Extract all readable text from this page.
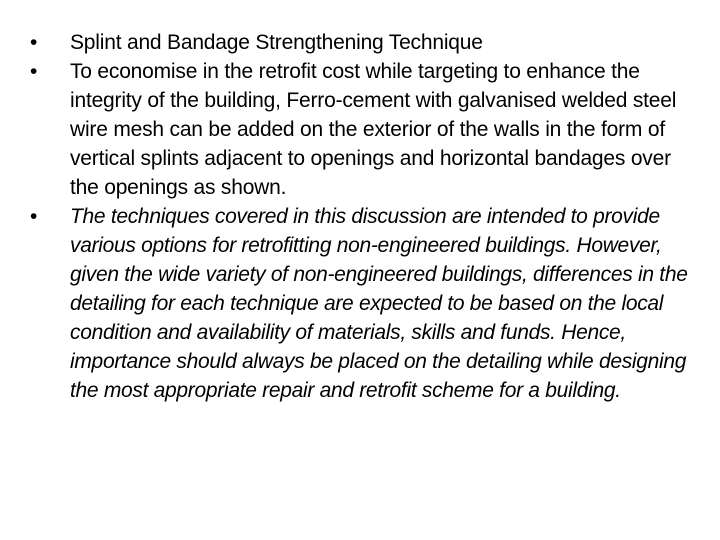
•	Splint and Bandage Strengthening Technique
•	To economise in the retrofit cost while targeting to enhance the integrity of the building, Ferro-cement with galvanised welded steel wire mesh can be added on the exterior of the walls in the form of vertical splints adjacent to openings and horizontal bandages over the openings as shown.
•	The techniques covered in this discussion are intended to provide various options for retrofitting non-engineered buildings. However, given the wide variety of non-engineered buildings, differences in the detailing for each technique are expected to be based on the local condition and availability of materials, skills and funds. Hence, importance should always be placed on the detailing while designing the most appropriate repair and retrofit scheme for a building.
